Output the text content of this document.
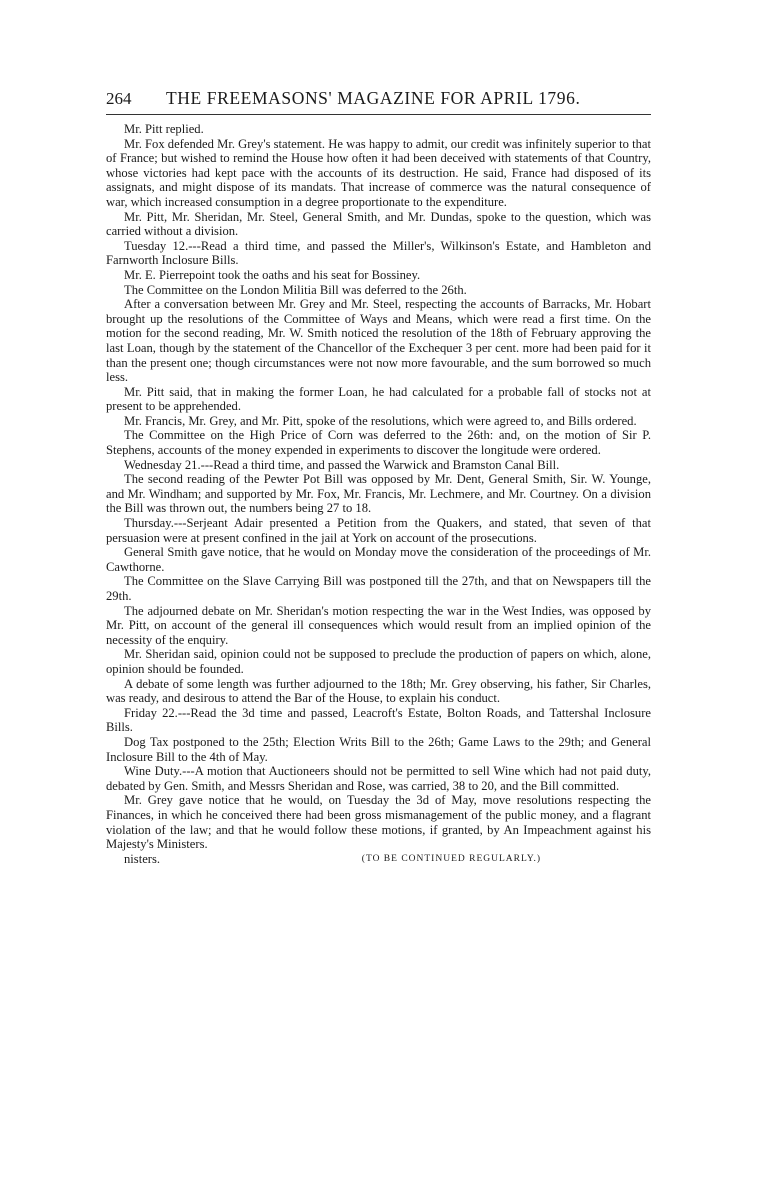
264	THE FREEMASONS' MAGAZINE FOR APRIL 1796.

Mr. Pitt replied.

Mr. Fox defended Mr. Grey's statement. He was happy to admit, our credit was infinitely superior to that of France; but wished to remind the House how often it had been deceived with statements of that Country, whose victories had kept pace with the accounts of its destruction. He said, France had disposed of its assignats, and might dispose of its mandats. That increase of commerce was the natural consequence of war, which increased consumption in a degree proportionate to the expenditure.

Mr. Pitt, Mr. Sheridan, Mr. Steel, General Smith, and Mr. Dundas, spoke to the question, which was carried without a division.

Tuesday 12.---Read a third time, and passed the Miller's, Wilkinson's Estate, and Hambleton and Farnworth Inclosure Bills.

Mr. E. Pierrepoint took the oaths and his seat for Bossiney.

The Committee on the London Militia Bill was deferred to the 26th.

After a conversation between Mr. Grey and Mr. Steel, respecting the accounts of Barracks, Mr. Hobart brought up the resolutions of the Committee of Ways and Means, which were read a first time. On the motion for the second reading, Mr. W. Smith noticed the resolution of the 18th of February approving the last Loan, though by the statement of the Chancellor of the Exchequer 3 per cent. more had been paid for it than the present one; though circumstances were not now more favourable, and the sum borrowed so much less.

Mr. Pitt said, that in making the former Loan, he had calculated for a probable fall of stocks not at present to be apprehended.

Mr. Francis, Mr. Grey, and Mr. Pitt, spoke of the resolutions, which were agreed to, and Bills ordered.

The Committee on the High Price of Corn was deferred to the 26th: and, on the motion of Sir P. Stephens, accounts of the money expended in experiments to discover the longitude were ordered.

Wednesday 21.---Read a third time, and passed the Warwick and Bramston Canal Bill.

The second reading of the Pewter Pot Bill was opposed by Mr. Dent, General Smith, Sir. W. Younge, and Mr. Windham; and supported by Mr. Fox, Mr. Francis, Mr. Lechmere, and Mr. Courtney. On a division the Bill was thrown out, the numbers being 27 to 18.

Thursday.---Serjeant Adair presented a Petition from the Quakers, and stated, that seven of that persuasion were at present confined in the jail at York on account of the prosecutions.

General Smith gave notice, that he would on Monday move the consideration of the proceedings of Mr. Cawthorne.

The Committee on the Slave Carrying Bill was postponed till the 27th, and that on Newspapers till the 29th.

The adjourned debate on Mr. Sheridan's motion respecting the war in the West Indies, was opposed by Mr. Pitt, on account of the general ill consequences which would result from an implied opinion of the necessity of the enquiry.

Mr. Sheridan said, opinion could not be supposed to preclude the production of papers on which, alone, opinion should be founded.

A debate of some length was further adjourned to the 18th; Mr. Grey observing, his father, Sir Charles, was ready, and desirous to attend the Bar of the House, to explain his conduct.

Friday 22.---Read the 3d time and passed, Leacroft's Estate, Bolton Roads, and Tattershal Inclosure Bills.

Dog Tax postponed to the 25th; Election Writs Bill to the 26th; Game Laws to the 29th; and General Inclosure Bill to the 4th of May.

Wine Duty.---A motion that Auctioneers should not be permitted to sell Wine which had not paid duty, debated by Gen. Smith, and Messrs Sheridan and Rose, was carried, 38 to 20, and the Bill committed.

Mr. Grey gave notice that he would, on Tuesday the 3d of May, move resolutions respecting the Finances, in which he conceived there had been gross mismanagement of the public money, and a flagrant violation of the law; and that he would follow these motions, if granted, by An Impeachment against his Majesty's Ministers.

nisters.	(TO BE CONTINUED REGULARLY.)
